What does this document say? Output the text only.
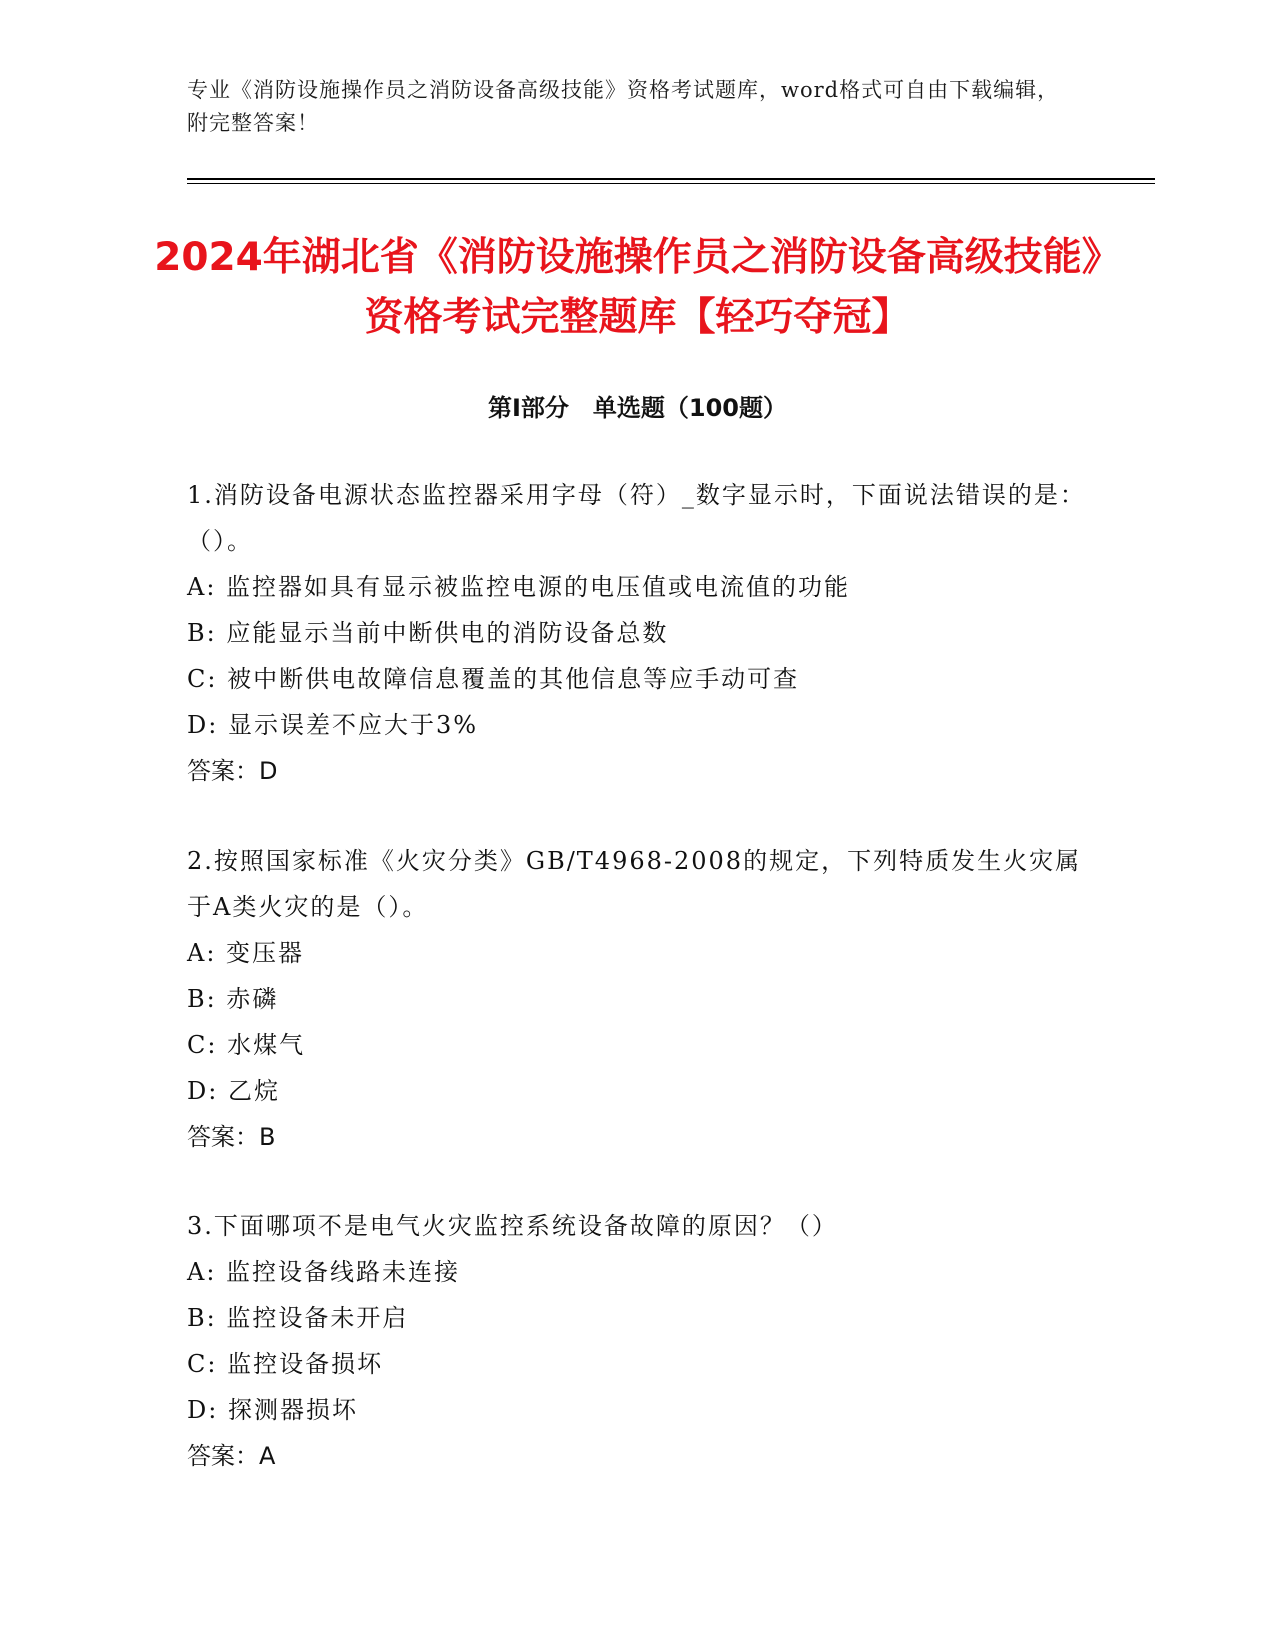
专业《消防设施操作员之消防设备高级技能》资格考试题库，word格式可自由下载编辑，附完整答案！
2024年湖北省《消防设施操作员之消防设备高级技能》资格考试完整题库【轻巧夺冠】
第I部分　单选题（100题）
1.消防设备电源状态监控器采用字母（符）_数字显示时，下面说法错误的是：（）。
A: 监控器如具有显示被监控电源的电压值或电流值的功能
B: 应能显示当前中断供电的消防设备总数
C: 被中断供电故障信息覆盖的其他信息等应手动可查
D: 显示误差不应大于3%
答案：D
2.按照国家标准《火灾分类》GB/T4968-2008的规定，下列特质发生火灾属于A类火灾的是（）。
A: 变压器
B: 赤磷
C: 水煤气
D: 乙烷
答案：B
3.下面哪项不是电气火灾监控系统设备故障的原因？（）
A: 监控设备线路未连接
B: 监控设备未开启
C: 监控设备损坏
D: 探测器损坏
答案：A
